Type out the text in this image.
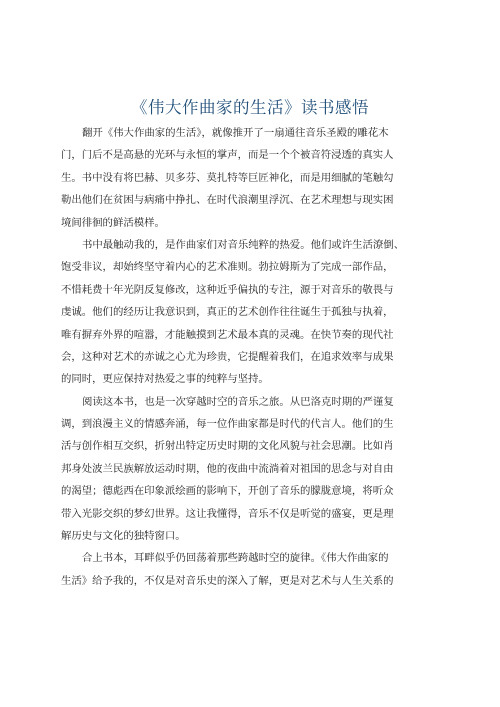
《伟大作曲家的生活》读书感悟
翻开《伟大作曲家的生活》，就像推开了一扇通往音乐圣殿的雕花木
门，门后不是高悬的光环与永恒的掌声，而是一个个被音符浸透的真实人
生。书中没有将巴赫、贝多芬、莫扎特等巨匠神化，而是用细腻的笔触勾
勒出他们在贫困与病痛中挣扎、在时代浪潮里浮沉、在艺术理想与现实困
境间徘徊的鲜活模样。
书中最触动我的，是作曲家们对音乐纯粹的热爱。他们或许生活潦倒、
饱受非议，却始终坚守着内心的艺术准则。勃拉姆斯为了完成一部作品，
不惜耗费十年光阴反复修改，这种近乎偏执的专注，源于对音乐的敬畏与
虔诚。他们的经历让我意识到，真正的艺术创作往往诞生于孤独与执着，
唯有摒弃外界的喧嚣，才能触摸到艺术最本真的灵魂。在快节奏的现代社
会，这种对艺术的赤诚之心尤为珍贵，它提醒着我们，在追求效率与成果
的同时，更应保持对热爱之事的纯粹与坚持。
阅读这本书，也是一次穿越时空的音乐之旅。从巴洛克时期的严谨复
调，到浪漫主义的情感奔涌，每一位作曲家都是时代的代言人。他们的生
活与创作相互交织，折射出特定历史时期的文化风貌与社会思潮。比如肖
邦身处波兰民族解放运动时期，他的夜曲中流淌着对祖国的思念与对自由
的渴望；德彪西在印象派绘画的影响下，开创了音乐的朦胧意境，将听众
带入光影交织的梦幻世界。这让我懂得，音乐不仅是听觉的盛宴，更是理
解历史与文化的独特窗口。
合上书本，耳畔似乎仍回荡着那些跨越时空的旋律。《伟大作曲家的
生活》给予我的，不仅是对音乐史的深入了解，更是对艺术与人生关系的
